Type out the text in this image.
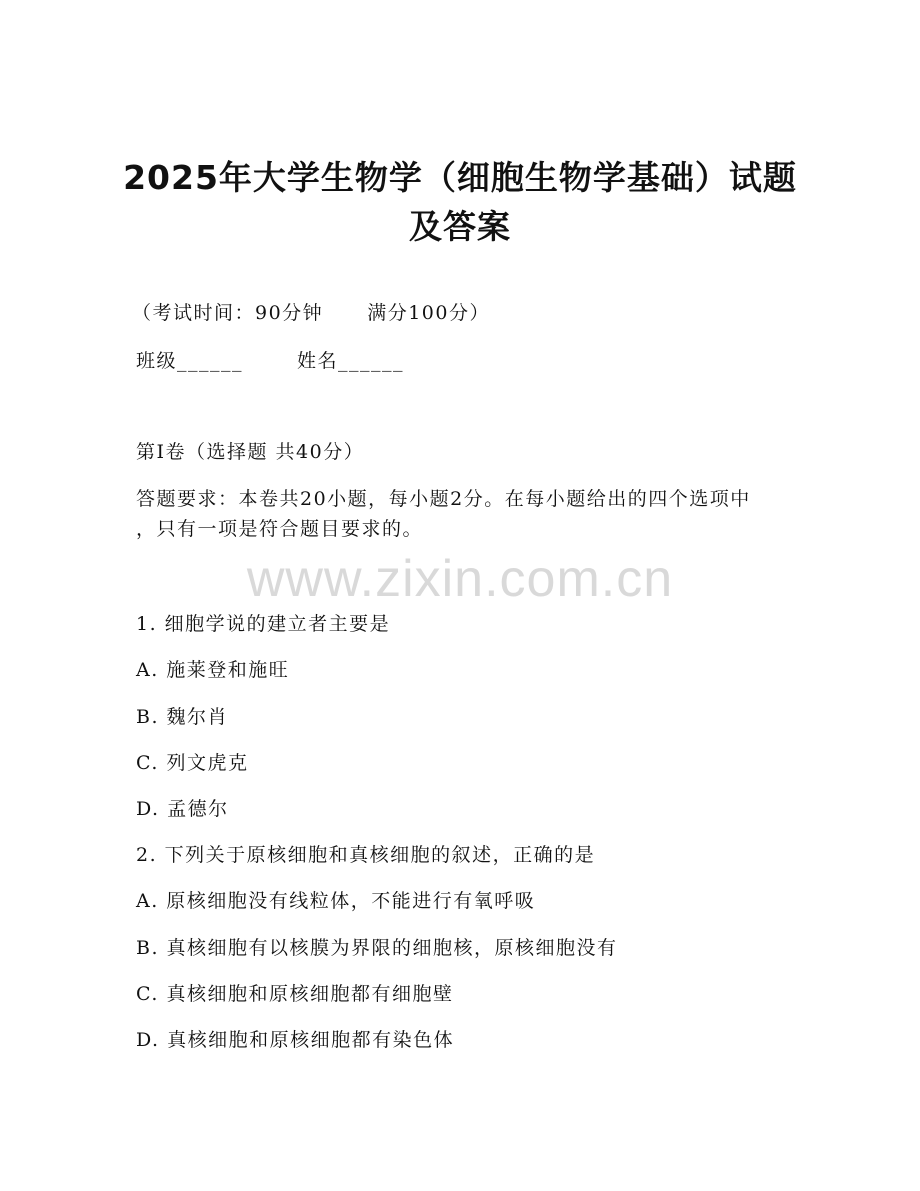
2025年大学生物学（细胞生物学基础）试题
及答案
（考试时间：90分钟 满分100分）
班级______	姓名______
第I卷（选择题 共40分）
答题要求：本卷共20小题，每小题2分。在每小题给出的四个选项中
，只有一项是符合题目要求的。
www.zixin.com.cn
1. 细胞学说的建立者主要是
A. 施莱登和施旺
B. 魏尔肖
C. 列文虎克
D. 孟德尔
2. 下列关于原核细胞和真核细胞的叙述，正确的是
A. 原核细胞没有线粒体，不能进行有氧呼吸
B. 真核细胞有以核膜为界限的细胞核，原核细胞没有
C. 真核细胞和原核细胞都有细胞壁
D. 真核细胞和原核细胞都有染色体
